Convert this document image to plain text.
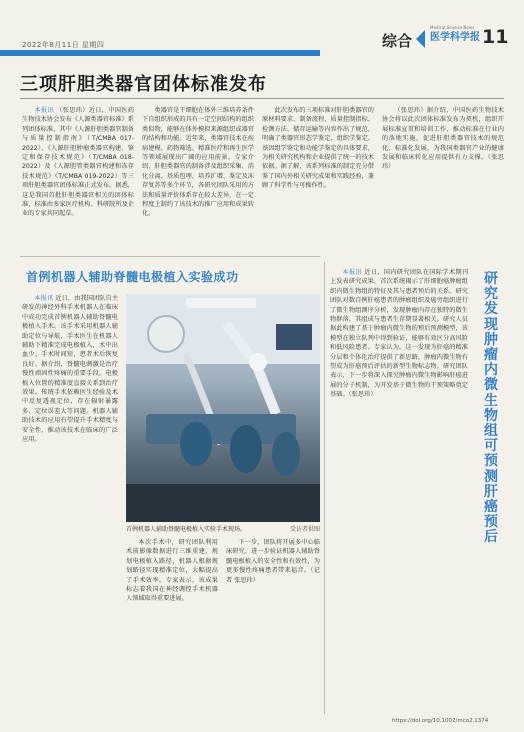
2022年8月11日 星期四	综合
Medical Science News
医学科学报 11
三项肝胆类器官团体标准发布

本报讯 （张思玮）近日，中国医药生物技术协会发布《人源类器官标准》系列团体标准，其中《人源肝胆类器官制备与质量控制指南》（T/CMBA 017-2022）、《人源肝胆肿瘤类器官构建、鉴定和保存技术规范》（T/CMBA 018-2022）及《人源胆管类器官构建和冻存技术规范》（T/CMBA 019-2022）等三项肝胆类器官团体标准正式发布。据悉，这是我国首批肝胆类器官相关的团体标准，标准由多家医疗机构、科研院所及企业的专家共同起草。

类器官是干细胞在体外三维培养条件下自组织形成的具有一定空间结构的组织类似物，能够在体外模拟来源组织或器官的结构和功能。近年来，类器官技术在疾病建模、药物筛选、精准医疗和再生医学等领域展现出广阔的应用前景。专家介绍，肝胆类器官的制备涉及组织采集、消化分离、基质包埋、培养扩增、鉴定及冻存复苏等多个环节，各研究团队采用的方法和质量评价体系存在较大差异，在一定程度上制约了该技术的推广应用和成果转化。

此次发布的三项标准对肝胆类器官的原材料要求、制备流程、质量控制指标、检测方法、储存运输等内容作出了规范，明确了类器官形态学鉴定、组织学鉴定、基因组学鉴定和功能学鉴定的具体要求，为相关研究机构和企业提供了统一的技术依据。据了解，该系列标准的制定充分借鉴了国内外相关研究成果和实践经验，兼顾了科学性与可操作性。

（张思玮）据介绍，中国医药生物技术协会将以此次团体标准发布为契机，组织开展标准宣贯和培训工作，推动标准在行业内的落地实施，促进肝胆类器官技术的规范化、标准化发展，为我国类器官产业的健康发展和临床转化应用提供有力支撑。（张思玮）

首例机器人辅助脊髓电极植入实验成功

本报讯 近日，由我国团队自主研发的神经外科手术机器人在临床中成功完成首例机器人辅助脊髓电极植入手术。该手术采用机器人辅助定位与导航，手术医生在机器人辅助下精准完成电极植入，术中出血少、手术时间短，患者术后恢复良好。据介绍，脊髓电刺激是治疗慢性顽固性疼痛的重要手段，电极植入位置的精准度直接关系到治疗效果。传统手术依赖医生经验及术中反复透视定位，存在辐射暴露多、定位误差大等问题。机器人辅助技术的应用有望提升手术精度与安全性，推动该技术在临床的广泛应用。

受访者供图
首例机器人辅助脊髓电极植入实验手术现场。

本次手术中，研究团队利用术前影像数据进行三维重建，规划电极植入路径，机器人根据规划路径实现精准定位，大幅提高了手术效率。专家表示，该成果标志着我国在神经调控手术机器人领域取得重要进展。

下一步，团队将开展多中心临床研究，进一步验证机器人辅助脊髓电极植入的安全性和有效性，为更多慢性疼痛患者带来福音。（记者 张思玮）

本报讯 近日，国内研究团队在国际学术期刊上发表研究成果，首次系统揭示了肝细胞癌肿瘤组织内微生物组的特征及其与患者预后的关系。研究团队对数百例肝癌患者的肿瘤组织及癌旁组织进行了微生物组测序分析，发现肿瘤内存在独特的微生物群落，其组成与患者生存期显著相关。研究人员据此构建了基于肿瘤内微生物的预后预测模型，该模型在独立队列中得到验证，能够有效区分高风险和低风险患者。专家认为，这一发现为肝癌的精准分层和个体化治疗提供了新思路，肿瘤内微生物有望成为肝癌预后评估的新型生物标志物。研究团队表示，下一步将深入探究肿瘤内微生物影响肝癌进展的分子机制，为开发基于微生物的干预策略奠定基础。（张思玮）

研究发现肿瘤内微生物组可预测肝癌预后
https://doi.org/10.1002/mco2.1374
